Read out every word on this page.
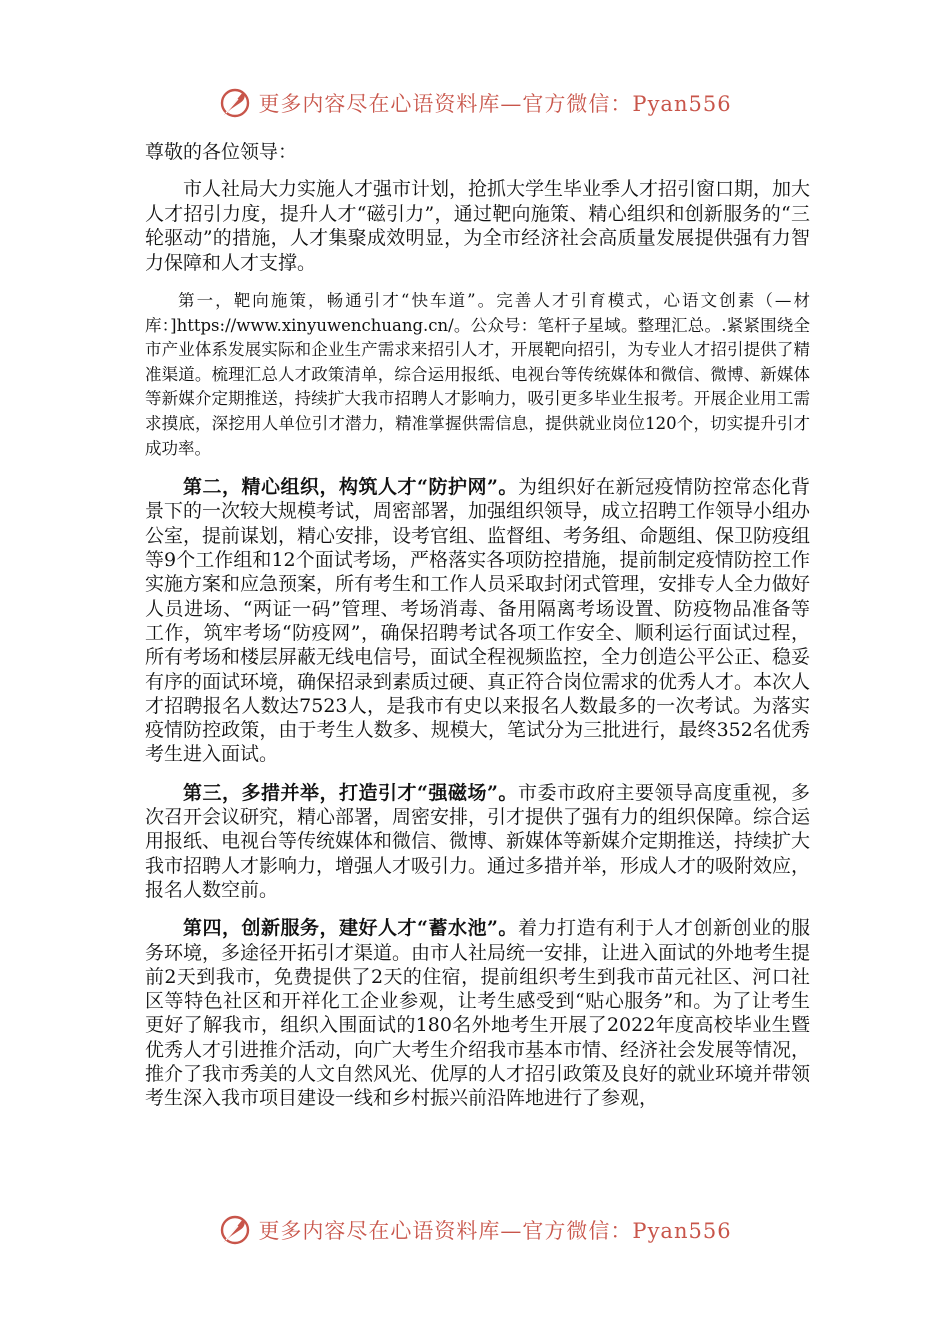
更多内容尽在心语资料库—官方微信：Pyan556

尊敬的各位领导：

市人社局大力实施人才强市计划，抢抓大学生毕业季人才招引窗口期，加大人才招引力度，提升人才“磁引力”，通过靶向施策、精心组织和创新服务的“三轮驱动”的措施，人才集聚成效明显，为全市经济社会高质量发展提供强有力智力保障和人才支撑。

第一，靶向施策，畅通引才“快车道”。完善人才引育模式，心语文创素（—材库：]https://www.xinyuwenchuang.cn/。公众号：笔杆子星域。整理汇总。.紧紧围绕全市产业体系发展实际和企业生产需求来招引人才，开展靶向招引，为专业人才招引提供了精准渠道。梳理汇总人才政策清单，综合运用报纸、电视台等传统媒体和微信、微博、新媒体等新媒介定期推送，持续扩大我市招聘人才影响力，吸引更多毕业生报考。开展企业用工需求摸底，深挖用人单位引才潜力，精准掌握供需信息，提供就业岗位120个，切实提升引才成功率。

第二，精心组织，构筑人才“防护网”。为组织好在新冠疫情防控常态化背景下的一次较大规模考试，周密部署，加强组织领导，成立招聘工作领导小组办公室，提前谋划，精心安排，设考官组、监督组、考务组、命题组、保卫防疫组等9个工作组和12个面试考场，严格落实各项防控措施，提前制定疫情防控工作实施方案和应急预案，所有考生和工作人员采取封闭式管理，安排专人全力做好人员进场、“两证一码”管理、考场消毒、备用隔离考场设置、防疫物品准备等工作，筑牢考场“防疫网”，确保招聘考试各项工作安全、顺利运行面试过程，所有考场和楼层屏蔽无线电信号，面试全程视频监控，全力创造公平公正、稳妥有序的面试环境，确保招录到素质过硬、真正符合岗位需求的优秀人才。本次人才招聘报名人数达7523人，是我市有史以来报名人数最多的一次考试。为落实疫情防控政策，由于考生人数多、规模大，笔试分为三批进行，最终352名优秀考生进入面试。

第三，多措并举，打造引才“强磁场”。市委市政府主要领导高度重视，多次召开会议研究，精心部署，周密安排，引才提供了强有力的组织保障。综合运用报纸、电视台等传统媒体和微信、微博、新媒体等新媒介定期推送，持续扩大我市招聘人才影响力，增强人才吸引力。通过多措并举，形成人才的吸附效应，报名人数空前。

第四，创新服务，建好人才“蓄水池”。着力打造有利于人才创新创业的服务环境，多途径开拓引才渠道。由市人社局统一安排，让进入面试的外地考生提前2天到我市，免费提供了2天的住宿，提前组织考生到我市苗元社区、河口社区等特色社区和开祥化工企业参观，让考生感受到“贴心服务”和。为了让考生更好了解我市，组织入围面试的180名外地考生开展了2022年度高校毕业生暨优秀人才引进推介活动，向广大考生介绍我市基本市情、经济社会发展等情况，推介了我市秀美的人文自然风光、优厚的人才招引政策及良好的就业环境并带领考生深入我市项目建设一线和乡村振兴前沿阵地进行了参观，

更多内容尽在心语资料库—官方微信：Pyan556
